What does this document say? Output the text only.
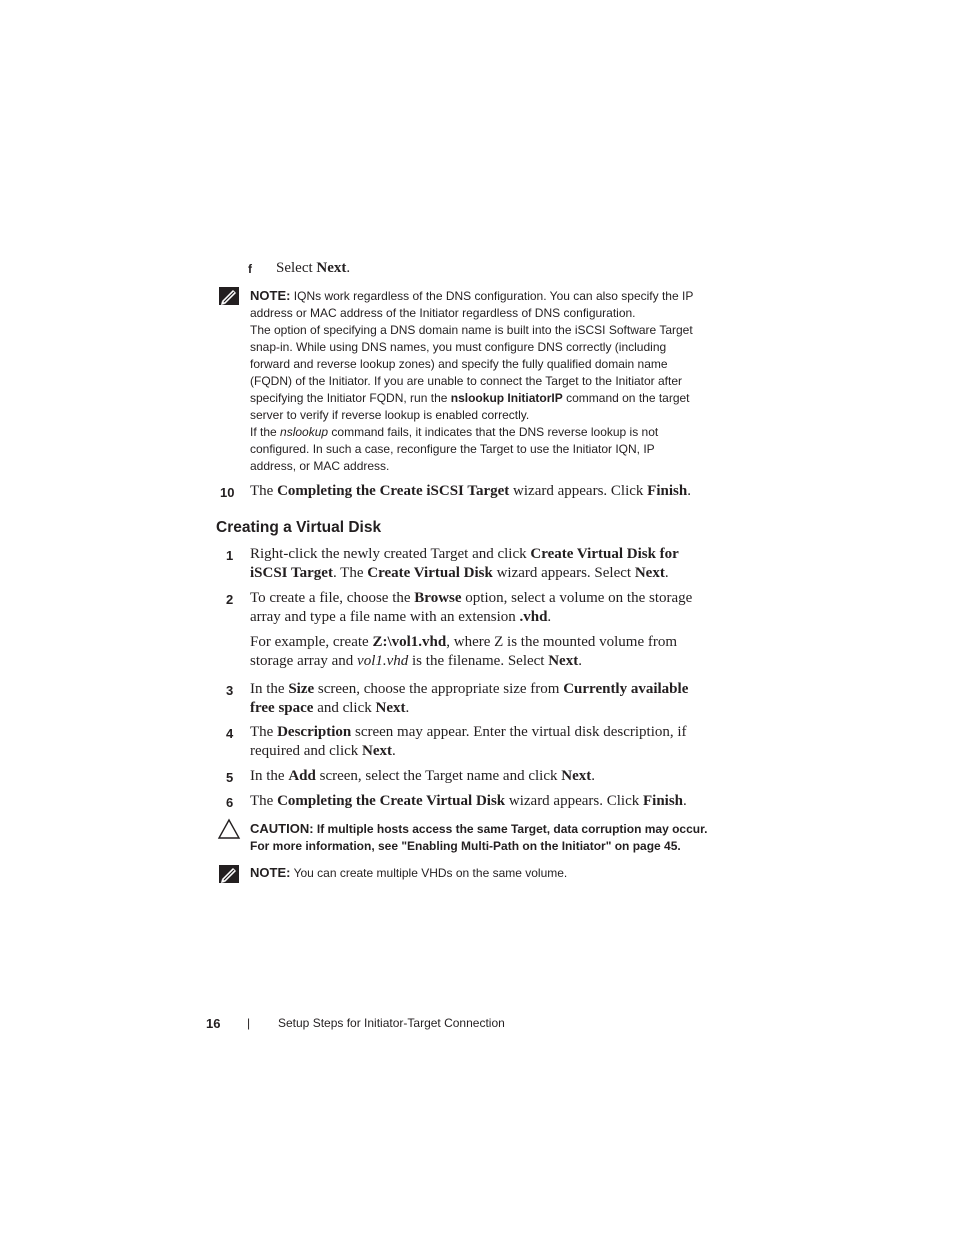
f Select Next.
NOTE: IQNs work regardless of the DNS configuration. You can also specify the IP
address or MAC address of the Initiator regardless of DNS configuration.
The option of specifying a DNS domain name is built into the iSCSI Software Target
snap-in. While using DNS names, you must configure DNS correctly (including
forward and reverse lookup zones) and specify the fully qualified domain name
(FQDN) of the Initiator. If you are unable to connect the Target to the Initiator after
specifying the Initiator FQDN, run the nslookup InitiatorIP command on the target
server to verify if reverse lookup is enabled correctly.
If the nslookup command fails, it indicates that the DNS reverse lookup is not
configured. In such a case, reconfigure the Target to use the Initiator IQN, IP
address, or MAC address.
10 The Completing the Create iSCSI Target wizard appears. Click Finish.
Creating a Virtual Disk
1 Right-click the newly created Target and click Create Virtual Disk for
iSCSI Target. The Create Virtual Disk wizard appears. Select Next.
2 To create a file, choose the Browse option, select a volume on the storage
array and type a file name with an extension .vhd.
For example, create Z:\vol1.vhd, where Z is the mounted volume from
storage array and vol1.vhd is the filename. Select Next.
3 In the Size screen, choose the appropriate size from Currently available
free space and click Next.
4 The Description screen may appear. Enter the virtual disk description, if
required and click Next.
5 In the Add screen, select the Target name and click Next.
6 The Completing the Create Virtual Disk wizard appears. Click Finish.
CAUTION: If multiple hosts access the same Target, data corruption may occur.
For more information, see "Enabling Multi-Path on the Initiator" on page 45.
NOTE: You can create multiple VHDs on the same volume.
16 | Setup Steps for Initiator-Target Connection
